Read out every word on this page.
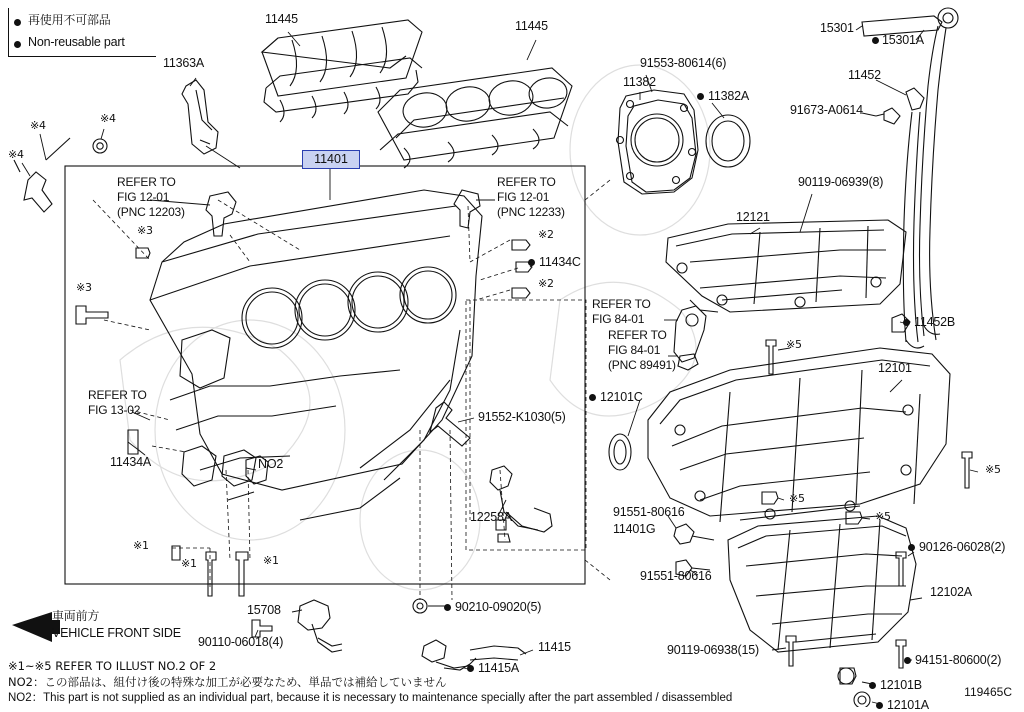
再使用不可部品
Non-reusable part
11401
11445	11445
11363A
15301
15301A
11452
91553-80614(6)
11382
11382A
91673-A0614
90119-06939(8)
12121
11452B
12101
12101C
91552-K1030(5)
11434C
11434A	NO2
12258A	91551-80616
11401G
91551-80616
90126-06028(2)
12102A
94151-80600(2)
12101B
12101A
90119-06938(15)
15708
90110-06018(4)
90210-09020(5)
11415
11415A
REFER TO
FIG 12-01
(PNC 12203)
REFER TO
FIG 12-01
(PNC 12233)
REFER TO
FIG 13-02
REFER TO
FIG 84-01
REFER TO
FIG 84-01
(PNC 89491)
※4
※4
※4
※3
※3
※2
※2
※5
※5
※5
※5
※1
※1	※1
車両前方
VEHICLE FRONT SIDE
※1~※5 REFER TO ILLUST NO.2 OF 2
NO2：この部品は、組付け後の特殊な加工が必要なため、単品では補給していません
NO2：This part is not supplied as an individual part, because it is necessary to maintenance specially after the part assembled / disassembled	119465C
